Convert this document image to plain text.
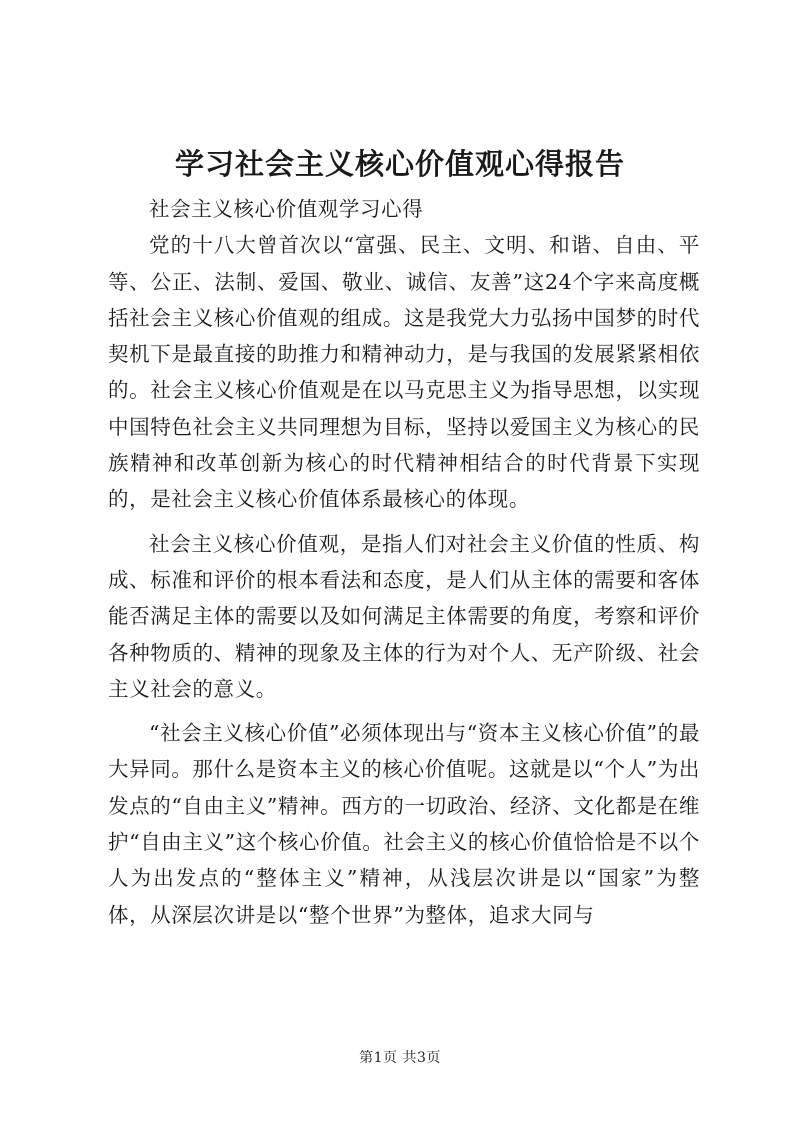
学习社会主义核心价值观心得报告

社会主义核心价值观学习心得

党的十八大曾首次以“富强、民主、文明、和谐、自由、平等、公正、法制、爱国、敬业、诚信、友善”这24个字来高度概括社会主义核心价值观的组成。这是我党大力弘扬中国梦的时代契机下是最直接的助推力和精神动力，是与我国的发展紧紧相依的。社会主义核心价值观是在以马克思主义为指导思想，以实现中国特色社会主义共同理想为目标，坚持以爱国主义为核心的民族精神和改革创新为核心的时代精神相结合的时代背景下实现的，是社会主义核心价值体系最核心的体现。

社会主义核心价值观，是指人们对社会主义价值的性质、构成、标准和评价的根本看法和态度，是人们从主体的需要和客体能否满足主体的需要以及如何满足主体需要的角度，考察和评价各种物质的、精神的现象及主体的行为对个人、无产阶级、社会主义社会的意义。

“社会主义核心价值”必须体现出与“资本主义核心价值”的最大异同。那什么是资本主义的核心价值呢。这就是以“个人”为出发点的“自由主义”精神。西方的一切政治、经济、文化都是在维护“自由主义”这个核心价值。社会主义的核心价值恰恰是不以个人为出发点的“整体主义”精神，从浅层次讲是以“国家”为整体，从深层次讲是以“整个世界”为整体，追求大同与

第1页 共3页
